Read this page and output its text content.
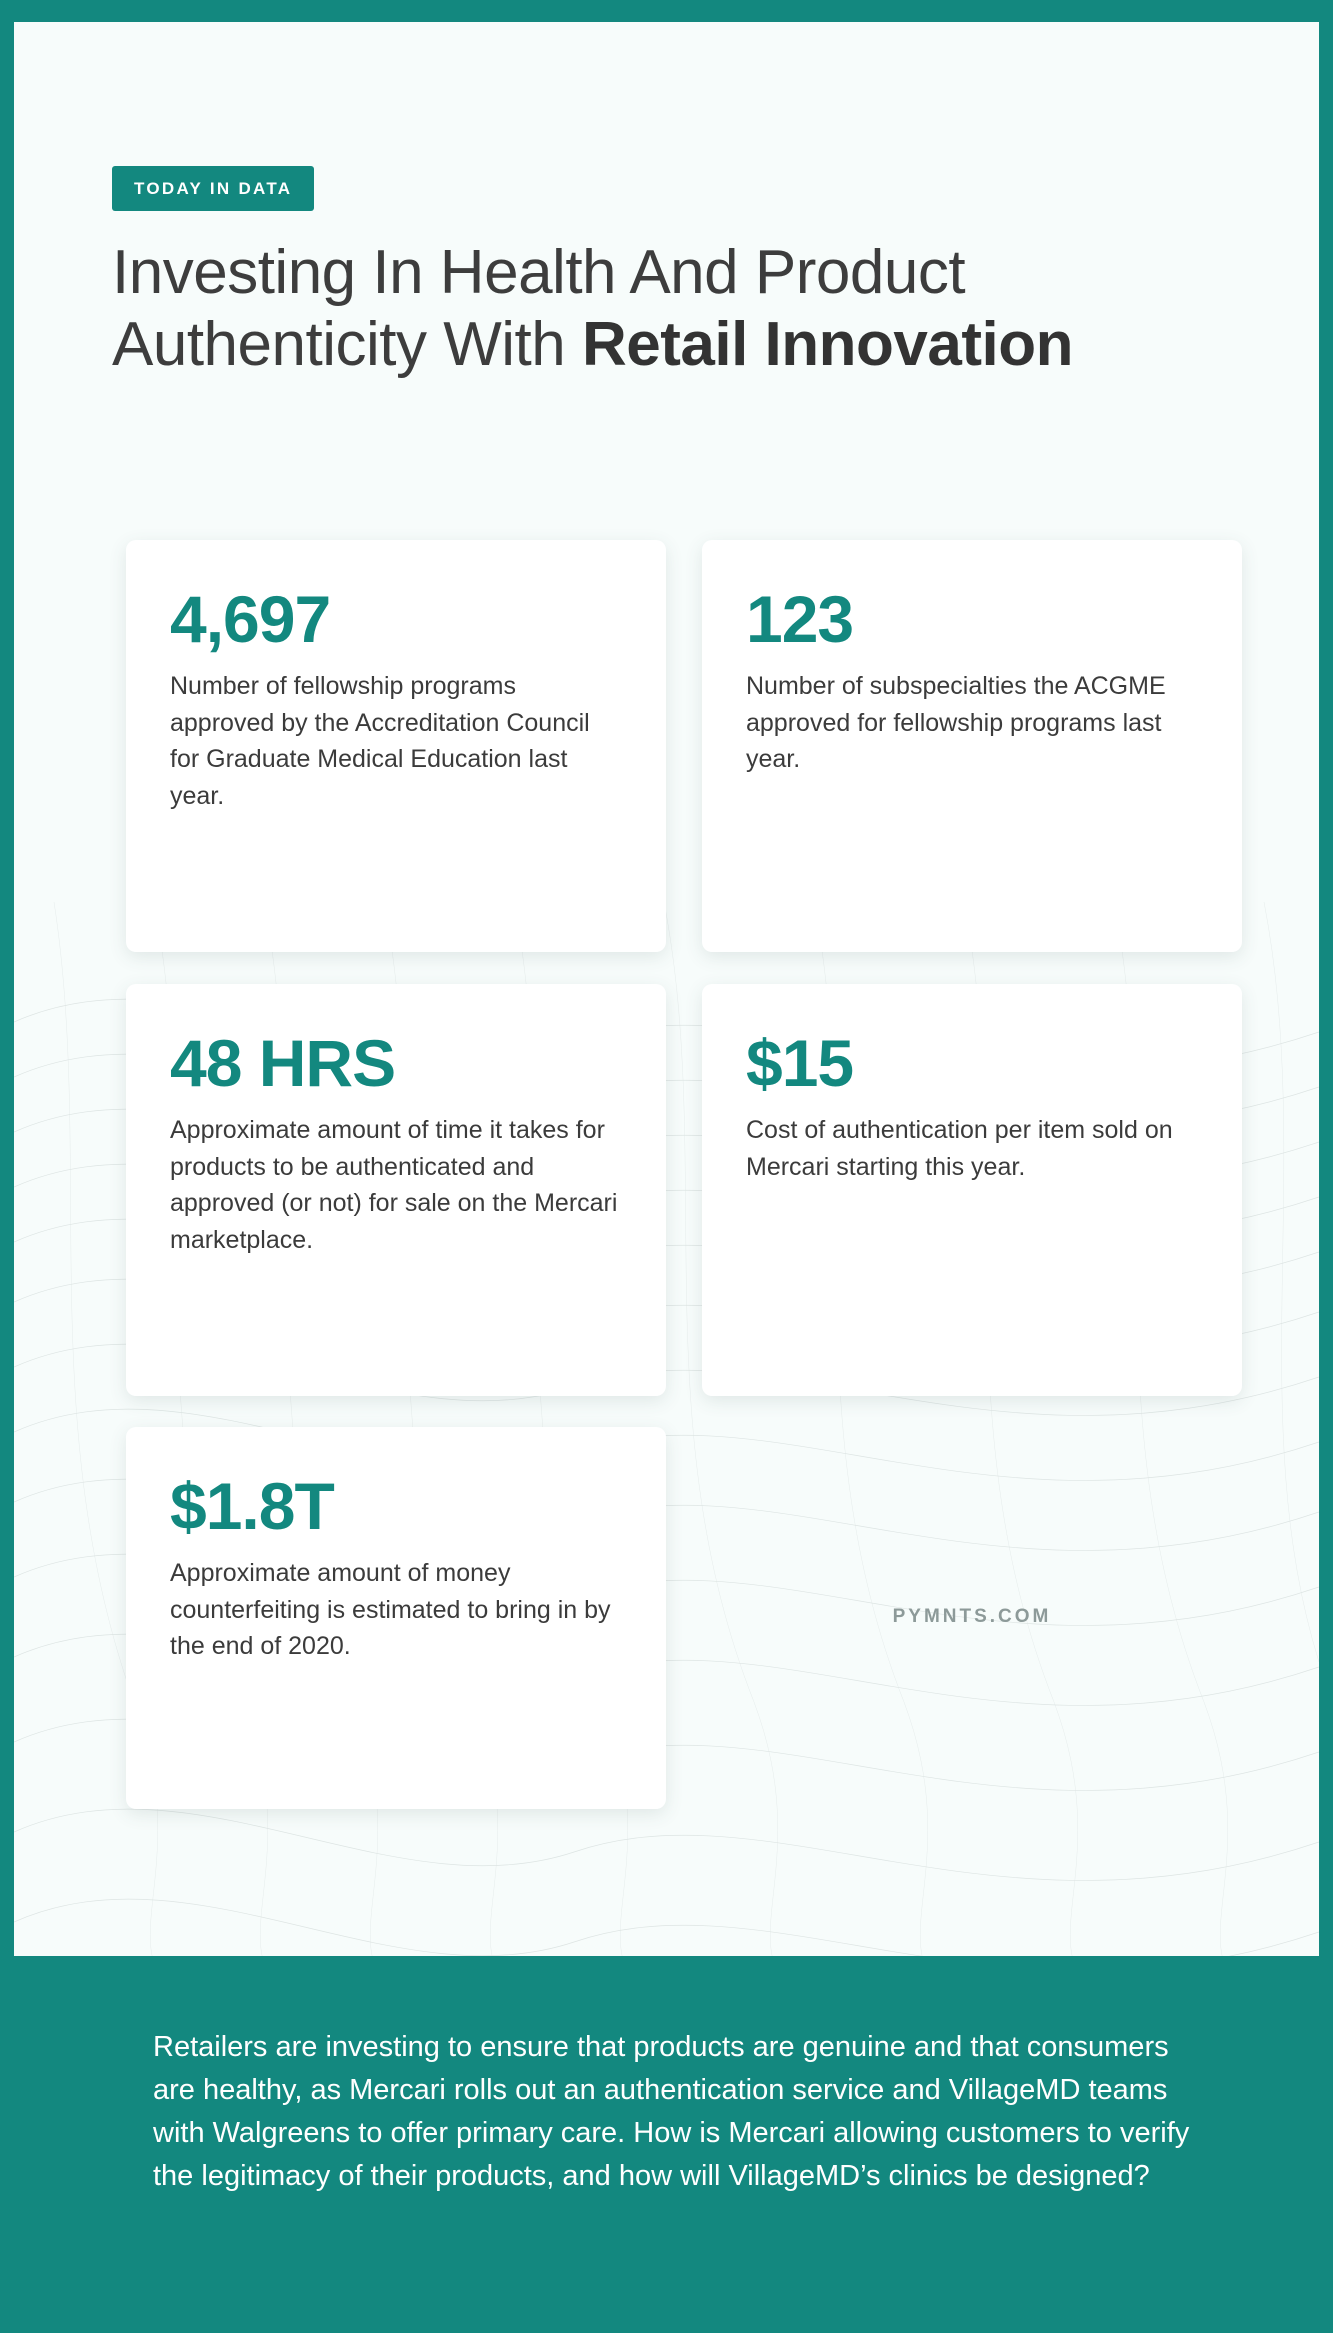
TODAY IN DATA
Investing In Health And Product Authenticity With Retail Innovation
4,697
Number of fellowship programs approved by the Accreditation Council for Graduate Medical Education last year.
123
Number of subspecialties the ACGME approved for fellowship programs last year.
48 HRS
Approximate amount of time it takes for products to be authenticated and approved (or not) for sale on the Mercari marketplace.
$15
Cost of authentication per item sold on Mercari starting this year.
$1.8T
Approximate amount of money counterfeiting is estimated to bring in by the end of 2020.
PYMNTS.COM
Retailers are investing to ensure that products are genuine and that consumers are healthy, as Mercari rolls out an authentication service and VillageMD teams with Walgreens to offer primary care. How is Mercari allowing customers to verify the legitimacy of their products, and how will VillageMD’s clinics be designed?
